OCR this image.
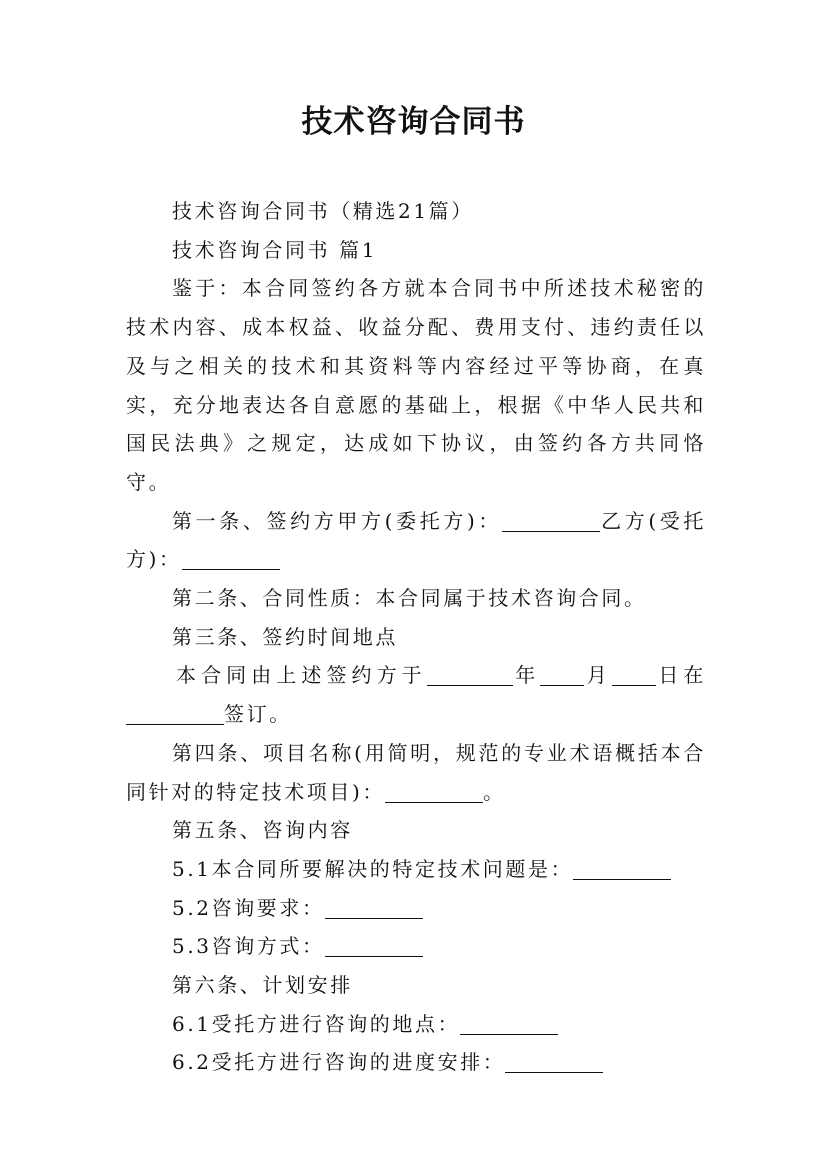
技术咨询合同书

技术咨询合同书（精选21篇）

技术咨询合同书 篇1

鉴于：本合同签约各方就本合同书中所述技术秘密的技术内容、成本权益、收益分配、费用支付、违约责任以及与之相关的技术和其资料等内容经过平等协商，在真实，充分地表达各自意愿的基础上，根据《中华人民共和国民法典》之规定，达成如下协议，由签约各方共同恪守。

第一条、签约方甲方(委托方)：	乙方(受托方)：

第二条、合同性质：本合同属于技术咨询合同。

第三条、签约时间地点

本合同由上述签约方于	年 月 日在签订。

第四条、项目名称(用简明，规范的专业术语概括本合同针对的特定技术项目)：	。

第五条、咨询内容

5.1本合同所要解决的特定技术问题是：

5.2咨询要求：

5.3咨询方式：

第六条、计划安排

6.1受托方进行咨询的地点：

6.2受托方进行咨询的进度安排：
